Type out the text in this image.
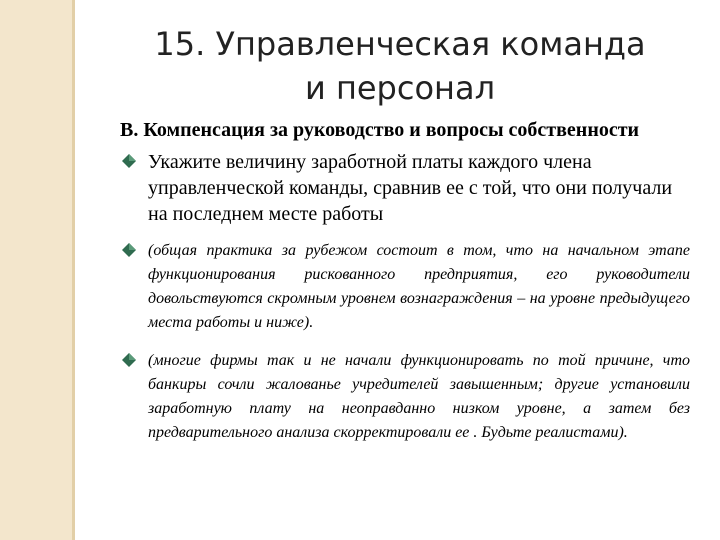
15. Управленческая команда
и персонал

B. Компенсация за руководство и вопросы собственности

Укажите величину заработной платы каждого члена управленческой команды, сравнив ее с той, что они получали на последнем месте работы

(общая практика за рубежом состоит в том, что на начальном этапе функционирования рискованного предприятия, его руководители довольствуются скромным уровнем вознаграждения – на уровне предыдущего места работы и ниже).

(многие фирмы так и не начали функционировать по той причине, что банкиры сочли жалованье учредителей завышенным; другие установили заработную плату на неоправданно низком уровне, а затем без предварительного анализа скорректировали ее . Будьте реалистами).
